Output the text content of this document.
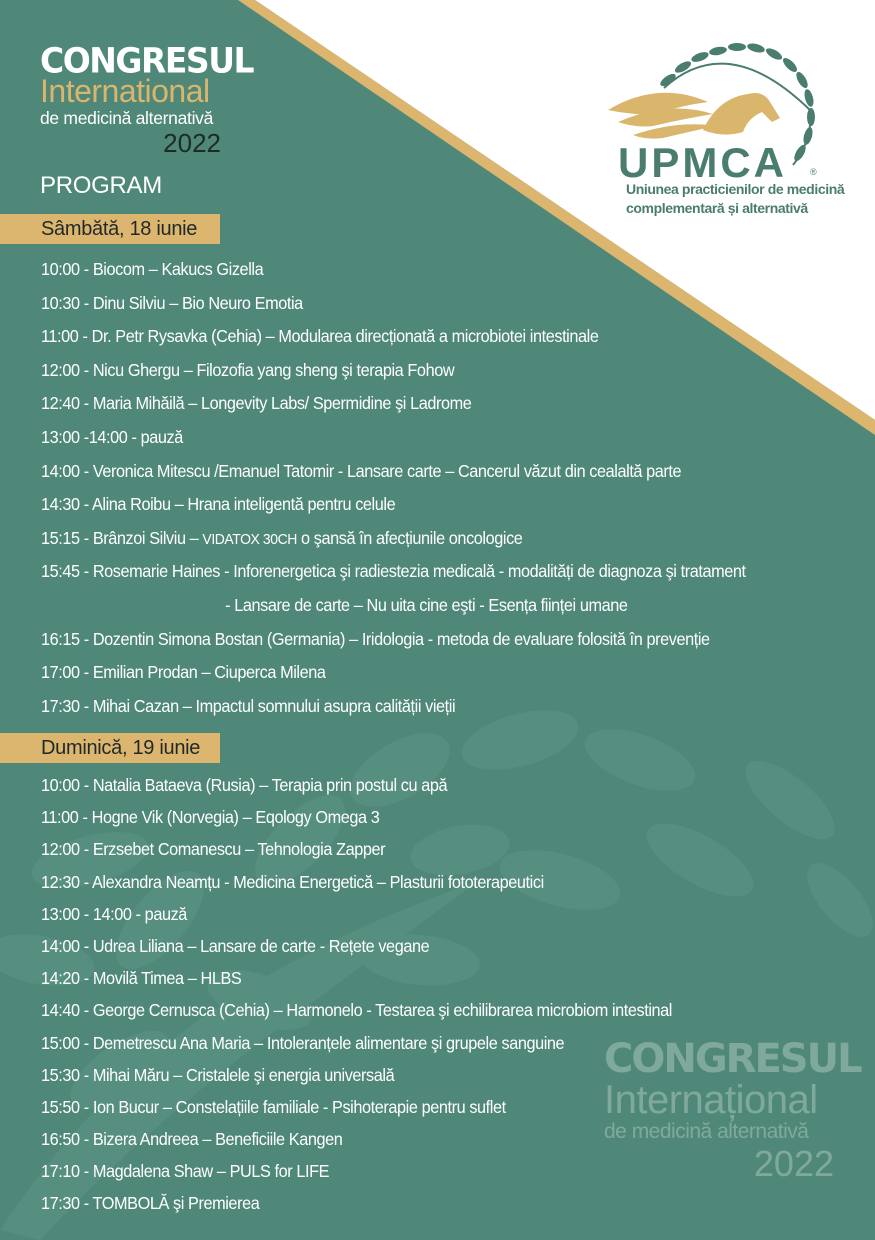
CONGRESUL
International
de medicină alternativă
2022
PROGRAM	UPMCA	®
Uniunea practicienilor de medicină
complementară și alternativă
Sâmbătă, 18 iunie
10:00 - Biocom – Kakucs Gizella
10:30 - Dinu Silviu – Bio Neuro Emotia
11:00 - Dr. Petr Rysavka (Cehia) – Modularea direcționată a microbiotei intestinale
12:00 - Nicu Ghergu – Filozofia yang sheng şi terapia Fohow
12:40 - Maria Mihăilă – Longevity Labs/ Spermidine şi Ladrome
13:00 -14:00 - pauză
14:00 - Veronica Mitescu /Emanuel Tatomir - Lansare carte – Cancerul văzut din cealaltă parte
14:30 - Alina Roibu – Hrana inteligentă pentru celule
15:15 - Brânzoi Silviu – VIDATOX 30CH o şansă în afecțiunile oncologice
15:45 - Rosemarie Haines - Inforenergetica şi radiestezia medicală - modalități de diagnoza şi tratament
- Lansare de carte – Nu uita cine eşti - Esența ființei umane
16:15 - Dozentin Simona Bostan (Germania) – Iridologia - metoda de evaluare folosită în prevenție
17:00 - Emilian Prodan – Ciuperca Milena
17:30 - Mihai Cazan – Impactul somnului asupra calității vieții
Duminică, 19 iunie
10:00 - Natalia Bataeva (Rusia) – Terapia prin postul cu apă
11:00 - Hogne Vik (Norvegia) – Eqology Omega 3
12:00 - Erzsebet Comanescu – Tehnologia Zapper
12:30 - Alexandra Neamțu - Medicina Energetică – Plasturii fototerapeutici
13:00 - 14:00 - pauză
14:00 - Udrea Liliana – Lansare de carte - Rețete vegane
14:20 - Movilă Timea – HLBS
14:40 - George Cernusca (Cehia) – Harmonelo - Testarea şi echilibrarea microbiom intestinal
15:00 - Demetrescu Ana Maria – Intoleranțele alimentare şi grupele sanguine
15:30 - Mihai Măru – Cristalele şi energia universală
15:50 - Ion Bucur – Constelațiile familiale - Psihoterapie pentru suflet
16:50 - Bizera Andreea – Beneficiile Kangen
17:10 - Magdalena Shaw – PULS for LIFE
17:30 - TOMBOLĂ şi Premierea
CONGRESUL
Internațional
de medicină alternativă
2022
